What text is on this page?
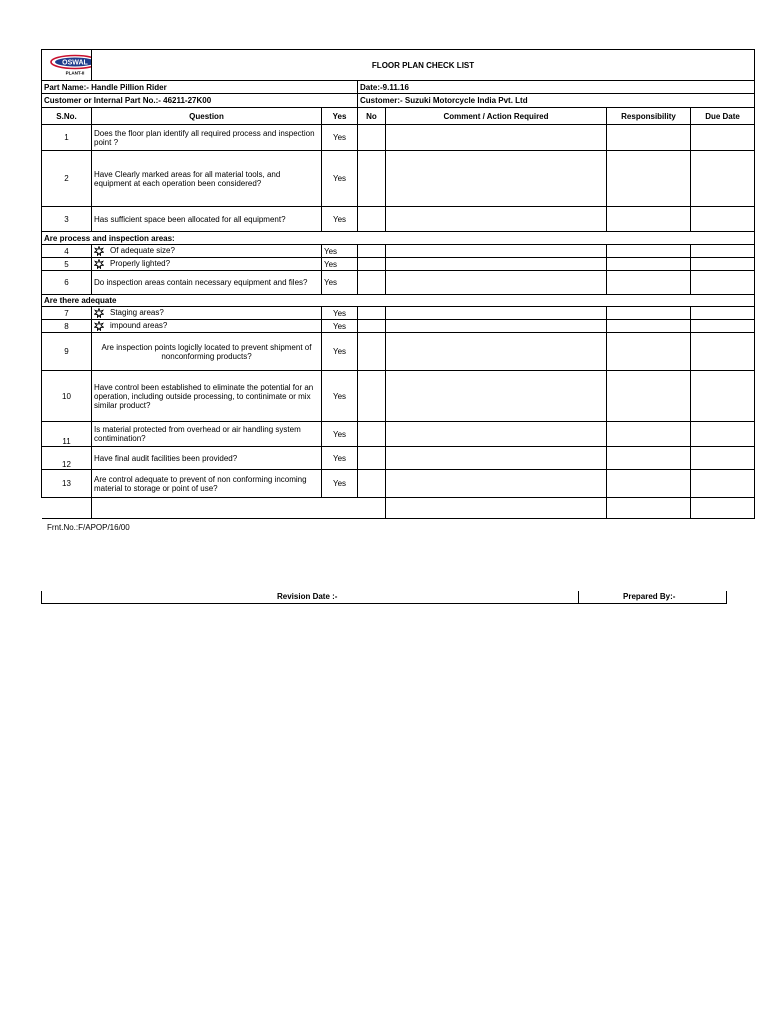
OSWAL
PLANT-II	FLOOR PLAN CHECK LIST					
Part Name:- Handle Pillion Rider			Date:-9.11.16			
Customer or Internal Part No.:- 46211-27K00			Customer:- Suzuki Motorcycle India Pvt. Ltd			
S.No.	Question	Yes	No	Comment / Action Required	Responsibility	Due Date
1	Does the floor plan identify all required process and inspection point ?	Yes				
2	Have Clearly marked areas for all material tools, and equipment at each operation been considered?	Yes				
3	Has sufficient space been allocated for all equipment?	Yes				
Are process and inspection areas:						
4	Of adequate size?	Yes				
5	Properly lighted?	Yes				
6	Do inspection areas contain necessary equipment and files?	Yes				
Are there adequate						
7	Staging areas?	Yes				
8	impound areas?	Yes				
9	Are inspection points logiclly located to prevent shipment of nonconforming products?	Yes				
10	Have control been established to eliminate the potential for an operation, including outside processing, to continimate or mix similar product?	Yes				
11	Is material protected from overhead or air handling system contimination?	Yes				
12	Have final audit facilities been provided?	Yes				
13	Are control adequate to prevent of non conforming incoming material to storage or point of use?	Yes				

Frnt.No.:F/APOP/16/00
Revision Date :-	Prepared By:-
